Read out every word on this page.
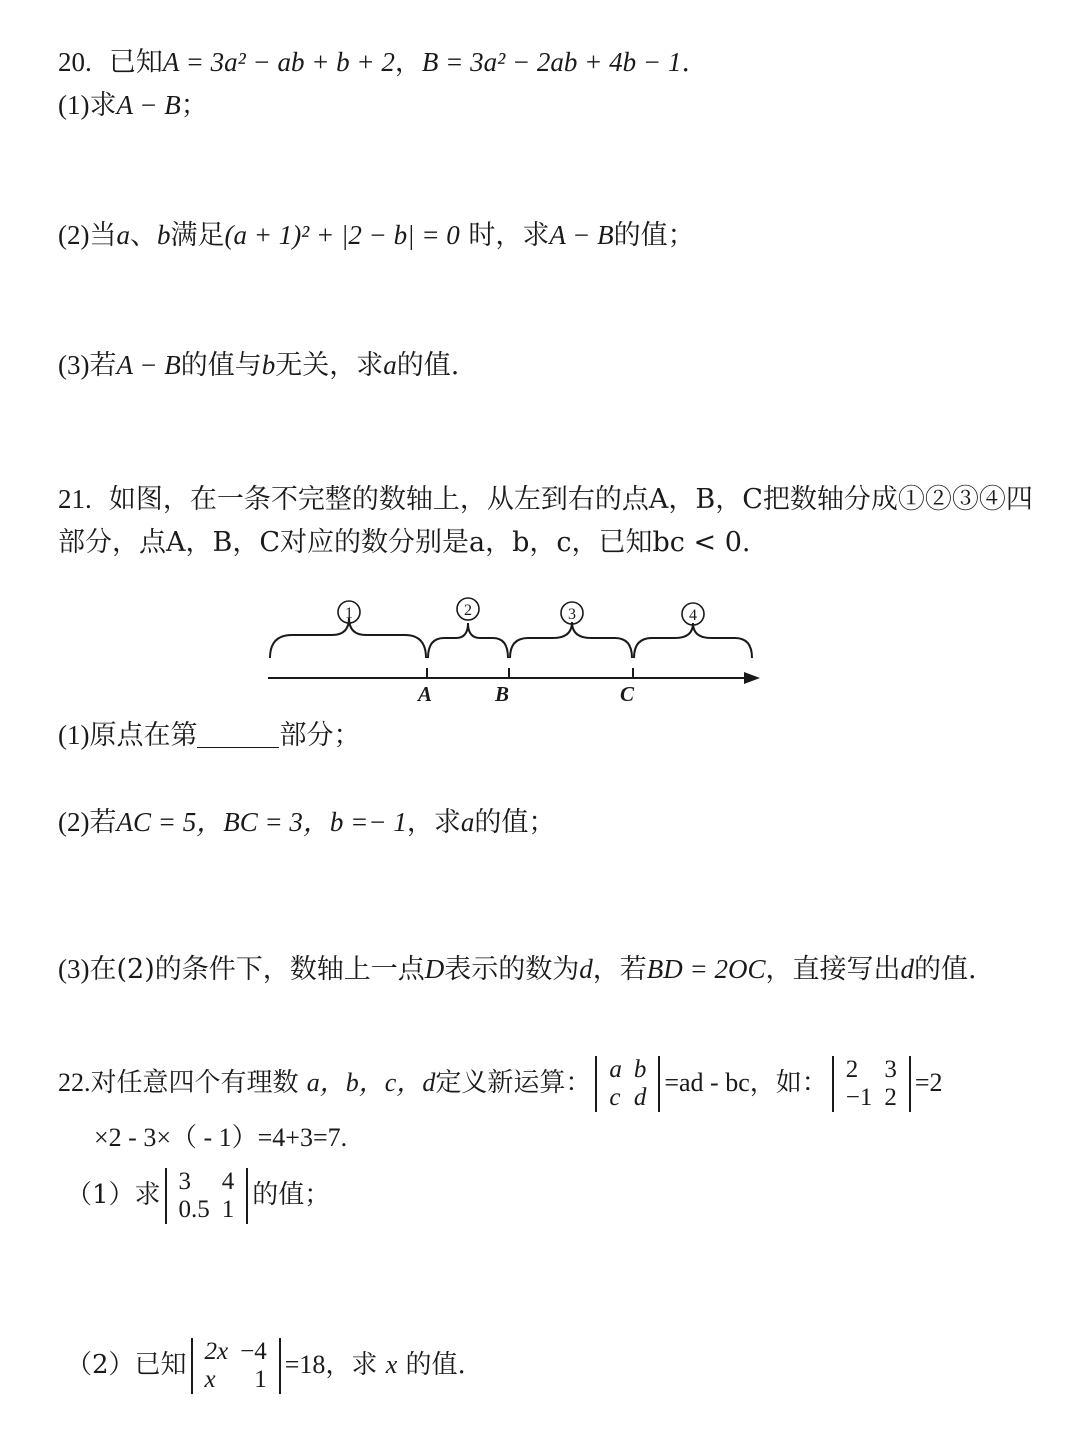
20. 已知A = 3a² − ab + b + 2，B = 3a² − 2ab + 4b − 1.
(1)求A − B；
(2)当a、b满足(a + 1)² + |2 − b| = 0 时，求A − B的值；
(3)若A − B的值与b无关，求a的值.
21. 如图，在一条不完整的数轴上，从左到右的点A，B，C把数轴分成①②③④四
部分，点A，B，C对应的数分别是a，b，c，已知bc < 0.
1	2	3	4
A	B	C
(1)原点在第	部分；
(2)若AC = 5，BC = 3，b =− 1，求a的值；
(3)在(2)的条件下，数轴上一点D表示的数为d，若BD = 2OC，直接写出d的值.
22.对任意四个有理数 a，b，c，d定义新运算： a	b
c	d
=ad - bc，如： 2	3
−1	2
=2
×2 - 3×（ - 1）=4+3=7.
（1）求 3	4
0.5	1 的值；
（2）已知 2x	−4
x	1
=18，求 x 的值.
